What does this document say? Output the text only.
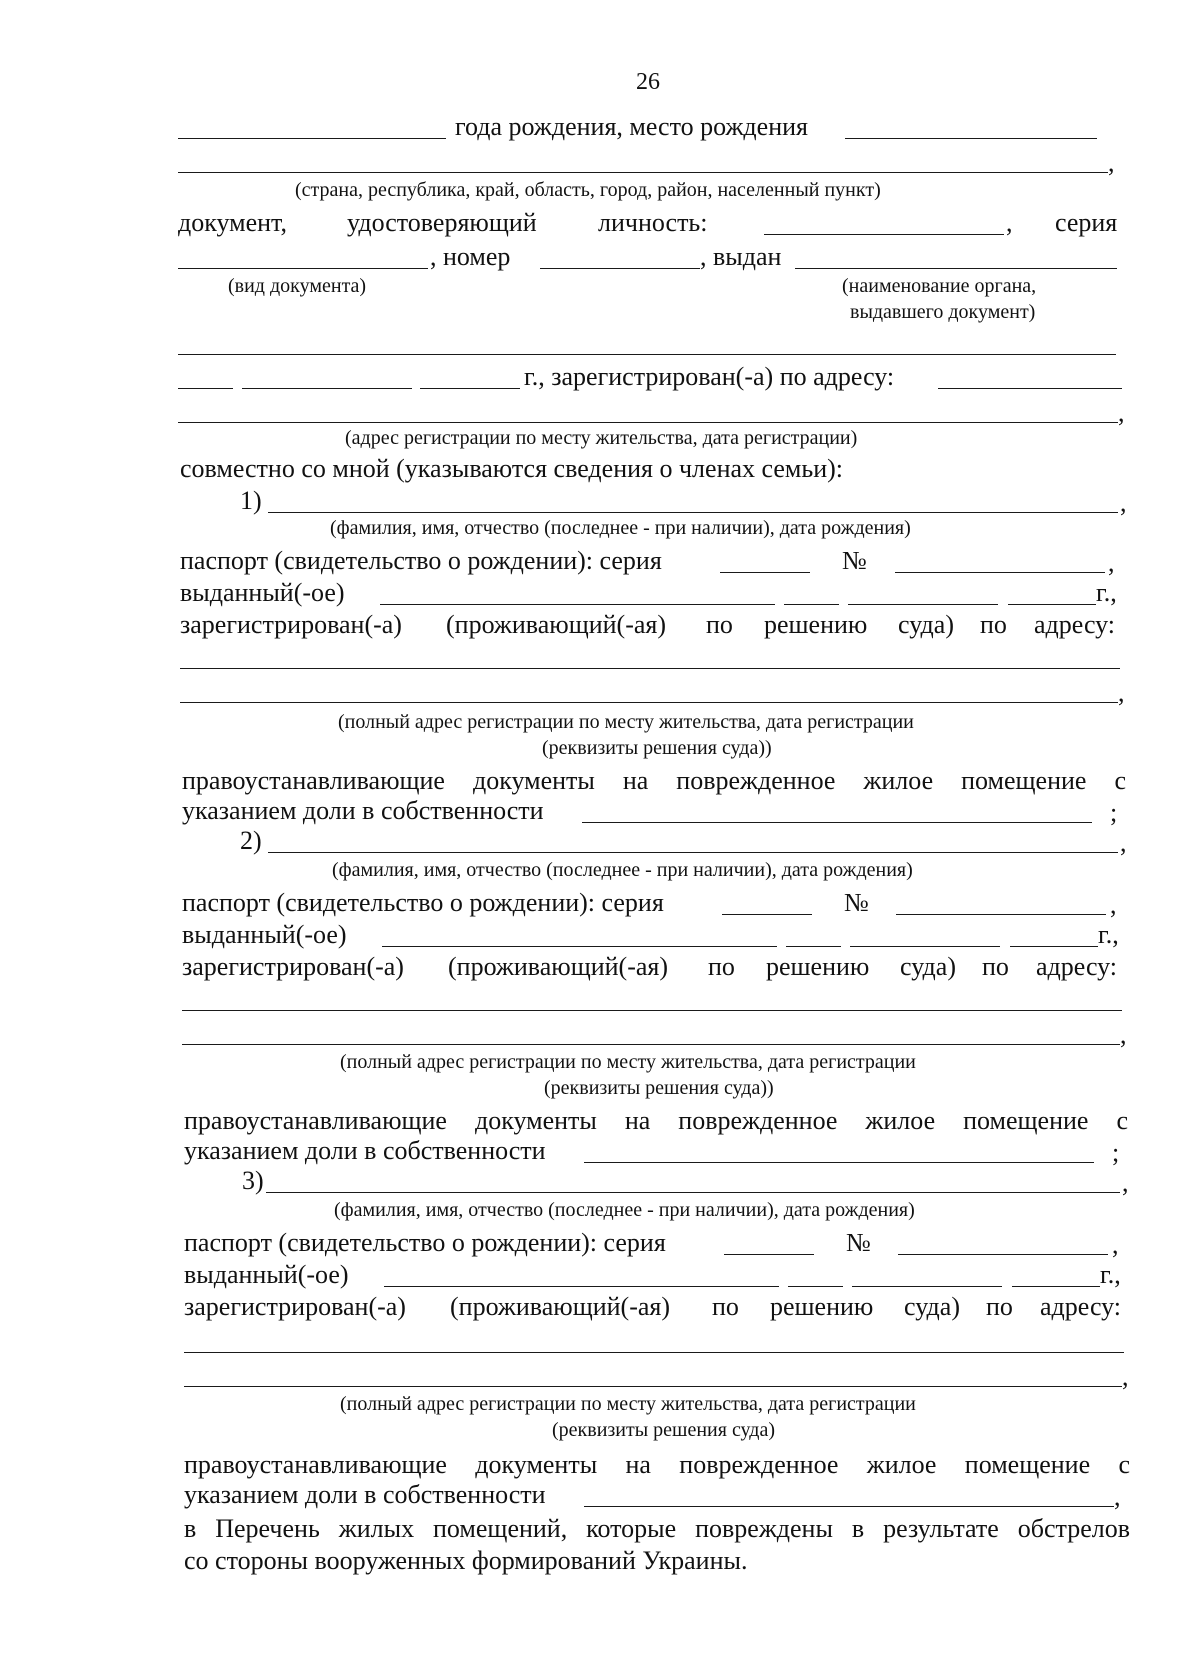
26
года рождения, место рождения
,
(страна, республика, край, область, город, район, населенный пункт)
документ, удостоверяющий личность:	, серия
, номер	, выдан
(вид документа)	(наименование органа,
выдавшего документ)
г., зарегистрирован(-а) по адресу:
,
(адрес регистрации по месту жительства, дата регистрации)
совместно со мной (указываются сведения о членах семьи):
1)	,
(фамилия, имя, отчество (последнее - при наличии), дата рождения)
паспорт (свидетельство о рождении): серия	№	,
выданный(-ое)	г.,
зарегистрирован(-а) (проживающий(-ая) по решению суда) по адресу:
,
(полный адрес регистрации по месту жительства, дата регистрации
(реквизиты решения суда))
правоустанавливающие документы на поврежденное жилое помещение с
указанием доли в собственности	;
2)	,
(фамилия, имя, отчество (последнее - при наличии), дата рождения)
паспорт (свидетельство о рождении): серия	№	,
выданный(-ое)	г.,
зарегистрирован(-а) (проживающий(-ая) по решению суда) по адресу:
,
(полный адрес регистрации по месту жительства, дата регистрации
(реквизиты решения суда))
правоустанавливающие документы на поврежденное жилое помещение с
указанием доли в собственности	;
3)	,
(фамилия, имя, отчество (последнее - при наличии), дата рождения)
паспорт (свидетельство о рождении): серия	№	,
выданный(-ое)	г.,
зарегистрирован(-а) (проживающий(-ая) по решению суда) по адресу:
,
(полный адрес регистрации по месту жительства, дата регистрации
(реквизиты решения суда)
правоустанавливающие документы на поврежденное жилое помещение с
указанием доли в собственности	,
в Перечень жилых помещений, которые повреждены в результате обстрелов
со стороны вооруженных формирований Украины.
